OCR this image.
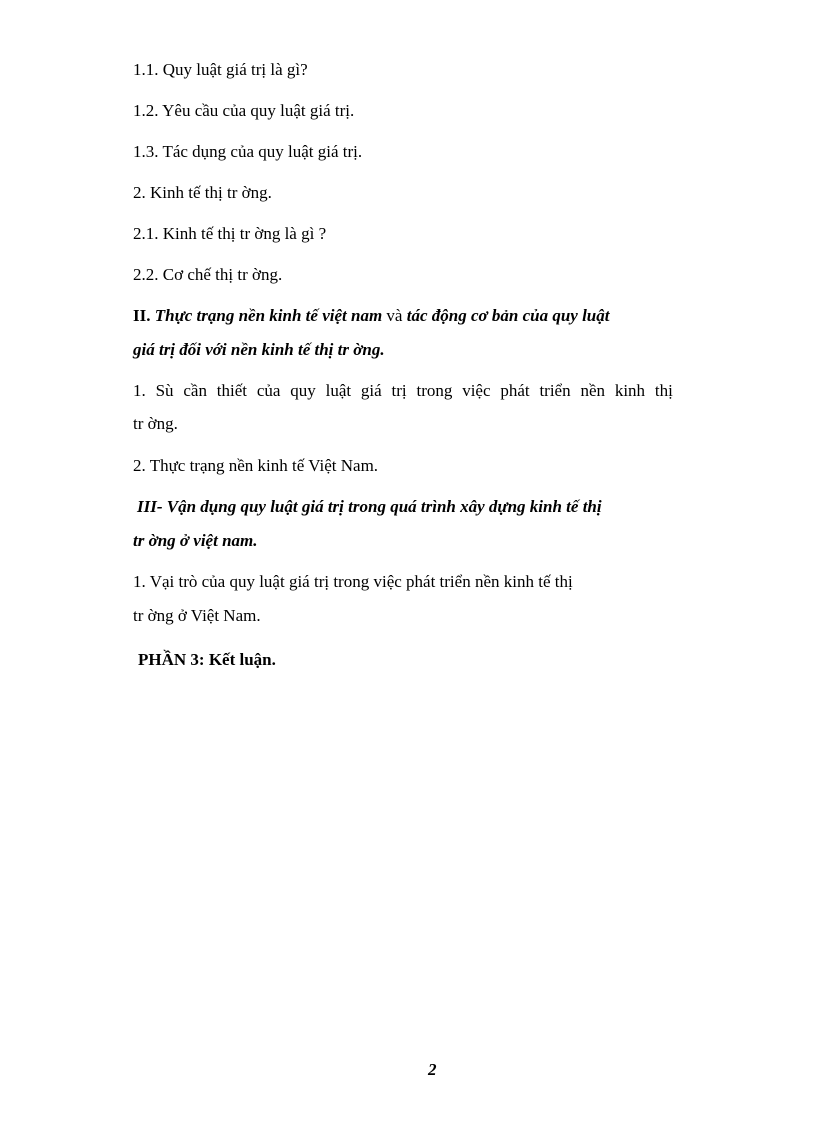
1.1. Quy luật giá trị là gì?
1.2. Yêu cầu của quy luật giá trị.
1.3. Tác dụng của quy luật giá trị.
2. Kinh tế thị tr ờng.
2.1. Kinh tế thị tr ờng là gì ?
2.2. Cơ chế thị tr ờng.
II. Thực trạng nền kinh tế việt nam và tác động cơ bản của quy luật
giá trị đối với nền kinh tế thị tr ờng.
1. Sù cần thiết của quy luật giá trị trong việc phát triển nền kinh thị
tr ờng.
2. Thực trạng nền kinh tế Việt Nam.
III- Vận dụng quy luật giá trị trong quá trình xây dựng kinh tế thị
tr ờng ở việt nam.
1. Vại trò của quy luật giá trị trong việc phát triển nền kinh tế thị
tr ờng ở Việt Nam.
PHẦN 3: Kết luận.
2
